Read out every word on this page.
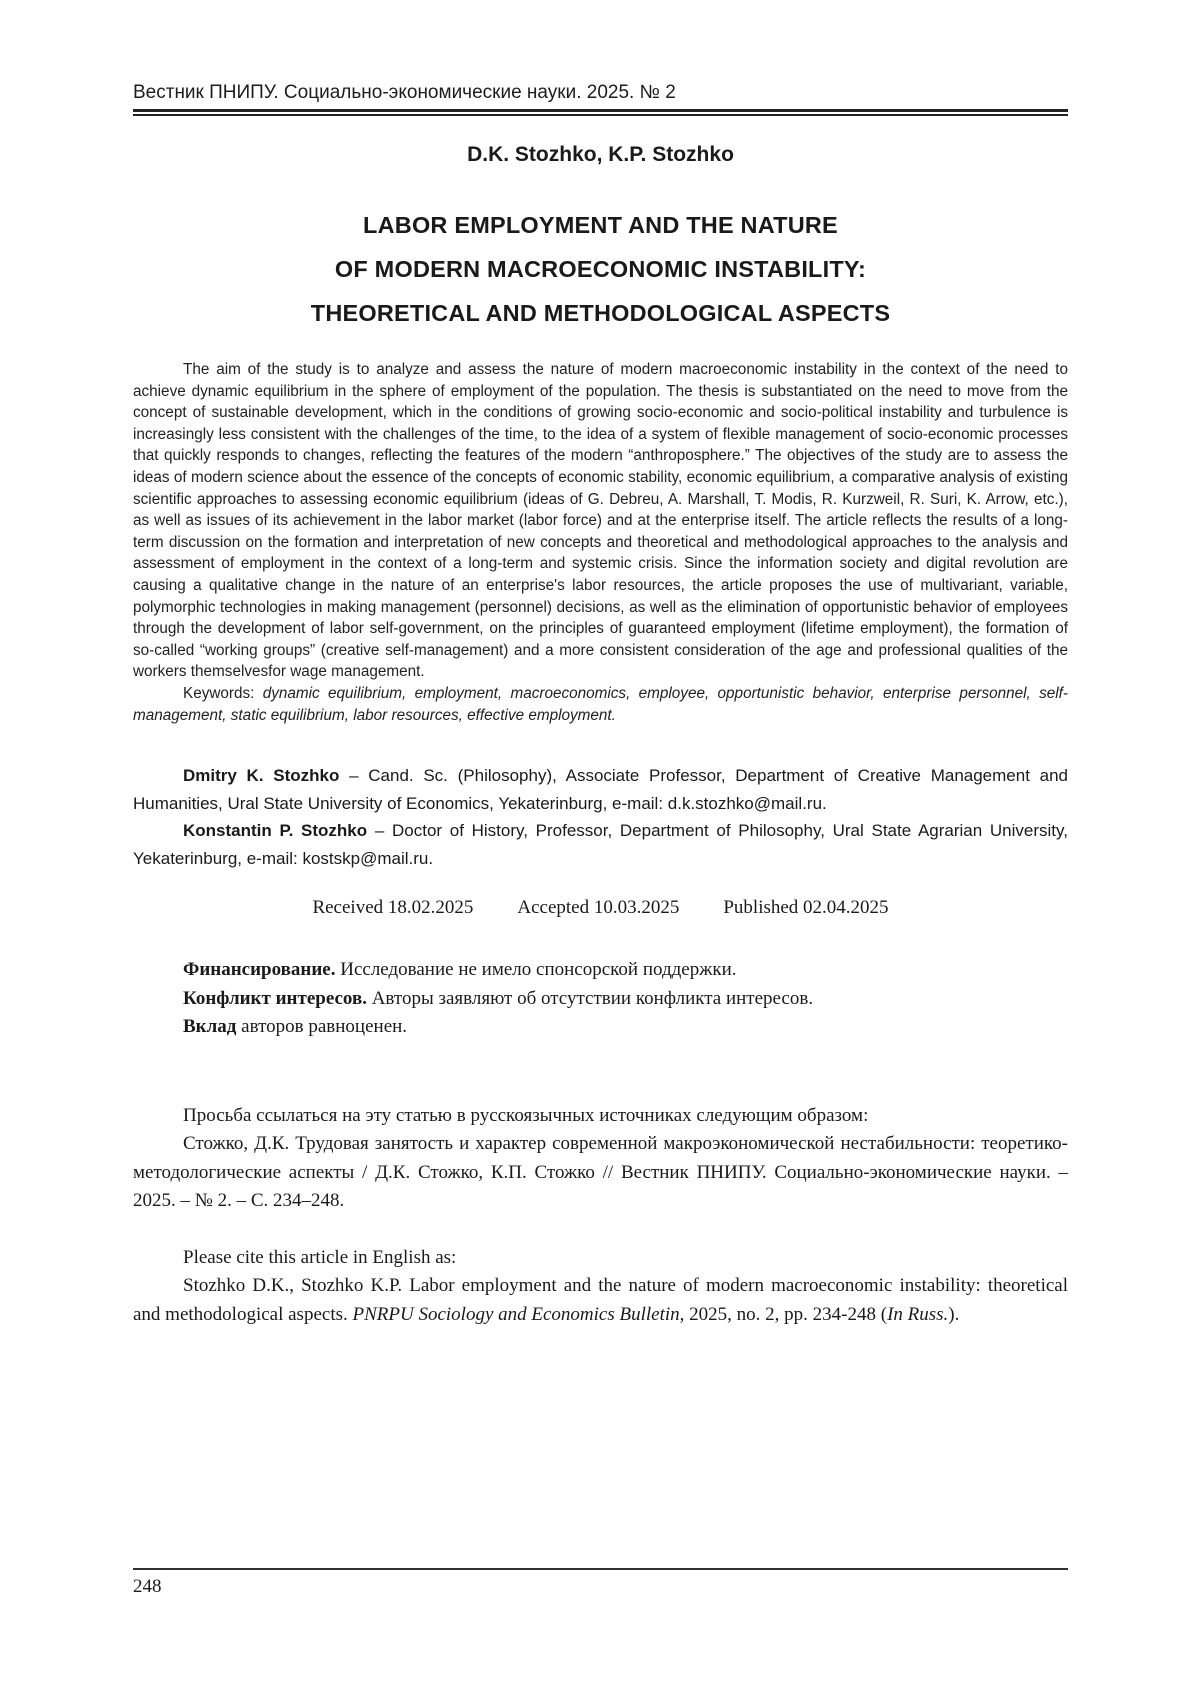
Вестник ПНИПУ. Социально-экономические науки. 2025. № 2
D.K. Stozhko, K.P. Stozhko
LABOR EMPLOYMENT AND THE NATURE
OF MODERN MACROECONOMIC INSTABILITY:
THEORETICAL AND METHODOLOGICAL ASPECTS

The aim of the study is to analyze and assess the nature of modern macroeconomic instability in the context of the need to achieve dynamic equilibrium in the sphere of employment of the population. The thesis is substantiated on the need to move from the concept of sustainable development, which in the conditions of growing socio-economic and socio-political instability and turbulence is increasingly less consistent with the challenges of the time, to the idea of a system of flexible management of socio-economic processes that quickly responds to changes, reflecting the features of the modern “anthroposphere.” The objectives of the study are to assess the ideas of modern science about the essence of the concepts of economic stability, economic equilibrium, a comparative analysis of existing scientific approaches to assessing economic equilibrium (ideas of G. Debreu, A. Marshall, T. Modis, R. Kurzweil, R. Suri, K. Arrow, etc.), as well as issues of its achievement in the labor market (labor force) and at the enterprise itself. The article reflects the results of a long-term discussion on the formation and interpretation of new concepts and theoretical and methodological approaches to the analysis and assessment of employment in the context of a long-term and systemic crisis. Since the information society and digital revolution are causing a qualitative change in the nature of an enterprise's labor resources, the article proposes the use of multivariant, variable, polymorphic technologies in making management (personnel) decisions, as well as the elimination of opportunistic behavior of employees through the development of labor self-government, on the principles of guaranteed employment (lifetime employment), the formation of so-called “working groups” (creative self-management) and a more consistent consideration of the age and professional qualities of the workers themselvesfor wage management.

Keywords: dynamic equilibrium, employment, macroeconomics, employee, opportunistic behavior, enterprise personnel, self-management, static equilibrium, labor resources, effective employment.

Dmitry K. Stozhko – Cand. Sc. (Philosophy), Associate Professor, Department of Creative Management and Humanities, Ural State University of Economics, Yekaterinburg, e-mail: d.k.stozhko@mail.ru.

Konstantin P. Stozhko – Doctor of History, Professor, Department of Philosophy, Ural State Agrarian University, Yekaterinburg, e-mail: kostskp@mail.ru.

Received 18.02.2025 Accepted 10.03.2025 Published 02.04.2025

Финансирование. Исследование не имело спонсорской поддержки.

Конфликт интересов. Авторы заявляют об отсутствии конфликта интересов.

Вклад авторов равноценен.

Просьба ссылаться на эту статью в русскоязычных источниках следующим образом:

Стожко, Д.К. Трудовая занятость и характер современной макроэкономической нестабильности: теоретико-методологические аспекты / Д.К. Стожко, К.П. Стожко // Вестник ПНИПУ. Социально-экономические науки. – 2025. – № 2. – С. 234–248.

Please cite this article in English as:

Stozhko D.K., Stozhko K.P. Labor employment and the nature of modern macroeconomic instability: theoretical and methodological aspects. PNRPU Sociology and Economics Bulletin, 2025, no. 2, pp. 234-248 (In Russ.).

248
